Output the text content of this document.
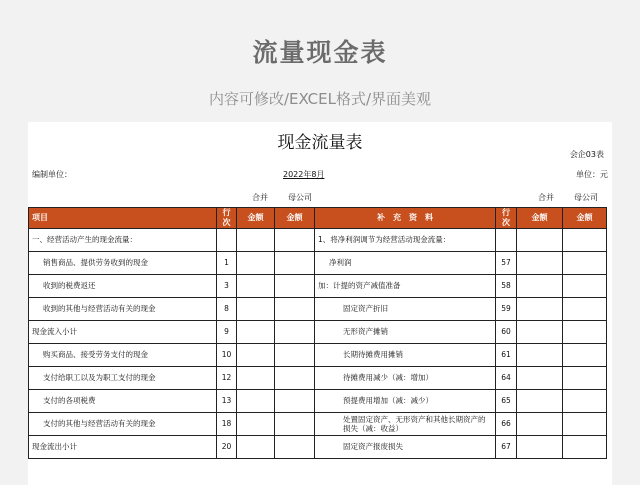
流量现金表
内容可修改/EXCEL格式/界面美观
现金流量表
会企03表
编制单位：	2022年8月	单位：元
合并	母公司	合并	母公司
项目	行次	金额	金额	补　充　资　料	行次	金额	金额
一、经营活动产生的现金流量：				1、将净利润调节为经营活动现金流量：			
销售商品、提供劳务收到的现金	1			净利润	57		
收到的税费返还	3			加：计提的资产减值准备	58		
收到的其他与经营活动有关的现金	8			固定资产折旧	59		
现金流入小计	9			无形资产摊销	60		
购买商品、接受劳务支付的现金	10			长期待摊费用摊销	61		
支付给职工以及为职工支付的现金	12			待摊费用减少（减：增加）	64		
支付的各项税费	13			预提费用增加（减：减少）	65		
支付的其他与经营活动有关的现金	18			处置固定资产、无形资产和其他长期资产的损失（减：收益）	66		
现金流出小计	20			固定资产报废损失	67		
